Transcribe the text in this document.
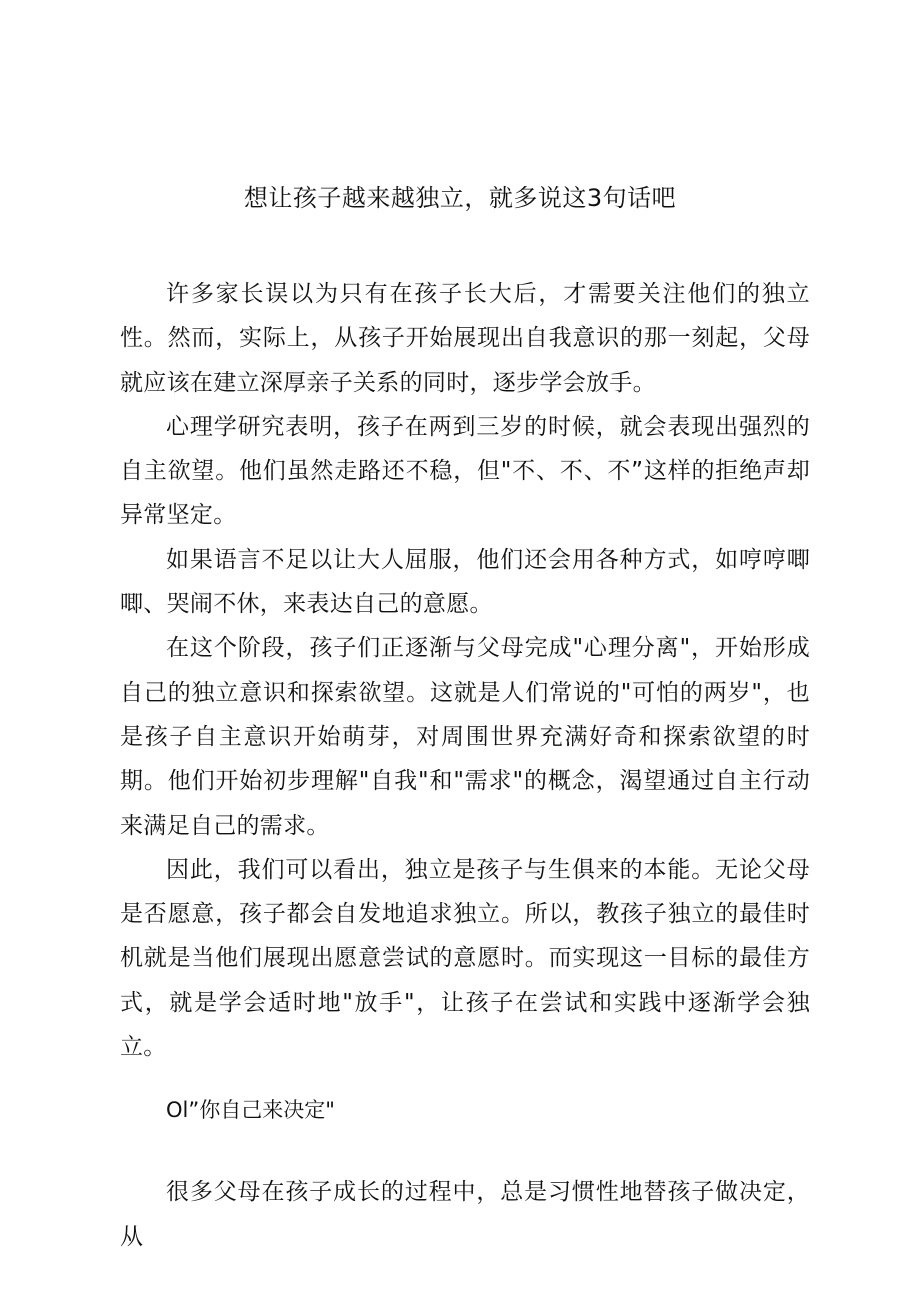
想让孩子越来越独立，就多说这3句话吧

许多家长误以为只有在孩子长大后，才需要关注他们的独立性。然而，实际上，从孩子开始展现出自我意识的那一刻起，父母就应该在建立深厚亲子关系的同时，逐步学会放手。

心理学研究表明，孩子在两到三岁的时候，就会表现出强烈的自主欲望。他们虽然走路还不稳，但"不、不、不”这样的拒绝声却异常坚定。

如果语言不足以让大人屈服，他们还会用各种方式，如哼哼唧唧、哭闹不休，来表达自己的意愿。

在这个阶段，孩子们正逐渐与父母完成"心理分离"，开始形成自己的独立意识和探索欲望。这就是人们常说的"可怕的两岁"，也是孩子自主意识开始萌芽，对周围世界充满好奇和探索欲望的时期。他们开始初步理解"自我"和"需求"的概念，渴望通过自主行动来满足自己的需求。

因此，我们可以看出，独立是孩子与生俱来的本能。无论父母是否愿意，孩子都会自发地追求独立。所以，教孩子独立的最佳时机就是当他们展现出愿意尝试的意愿时。而实现这一目标的最佳方式，就是学会适时地"放手"，让孩子在尝试和实践中逐渐学会独立。

Ol”你自己来决定"

很多父母在孩子成长的过程中，总是习惯性地替孩子做决定，从
